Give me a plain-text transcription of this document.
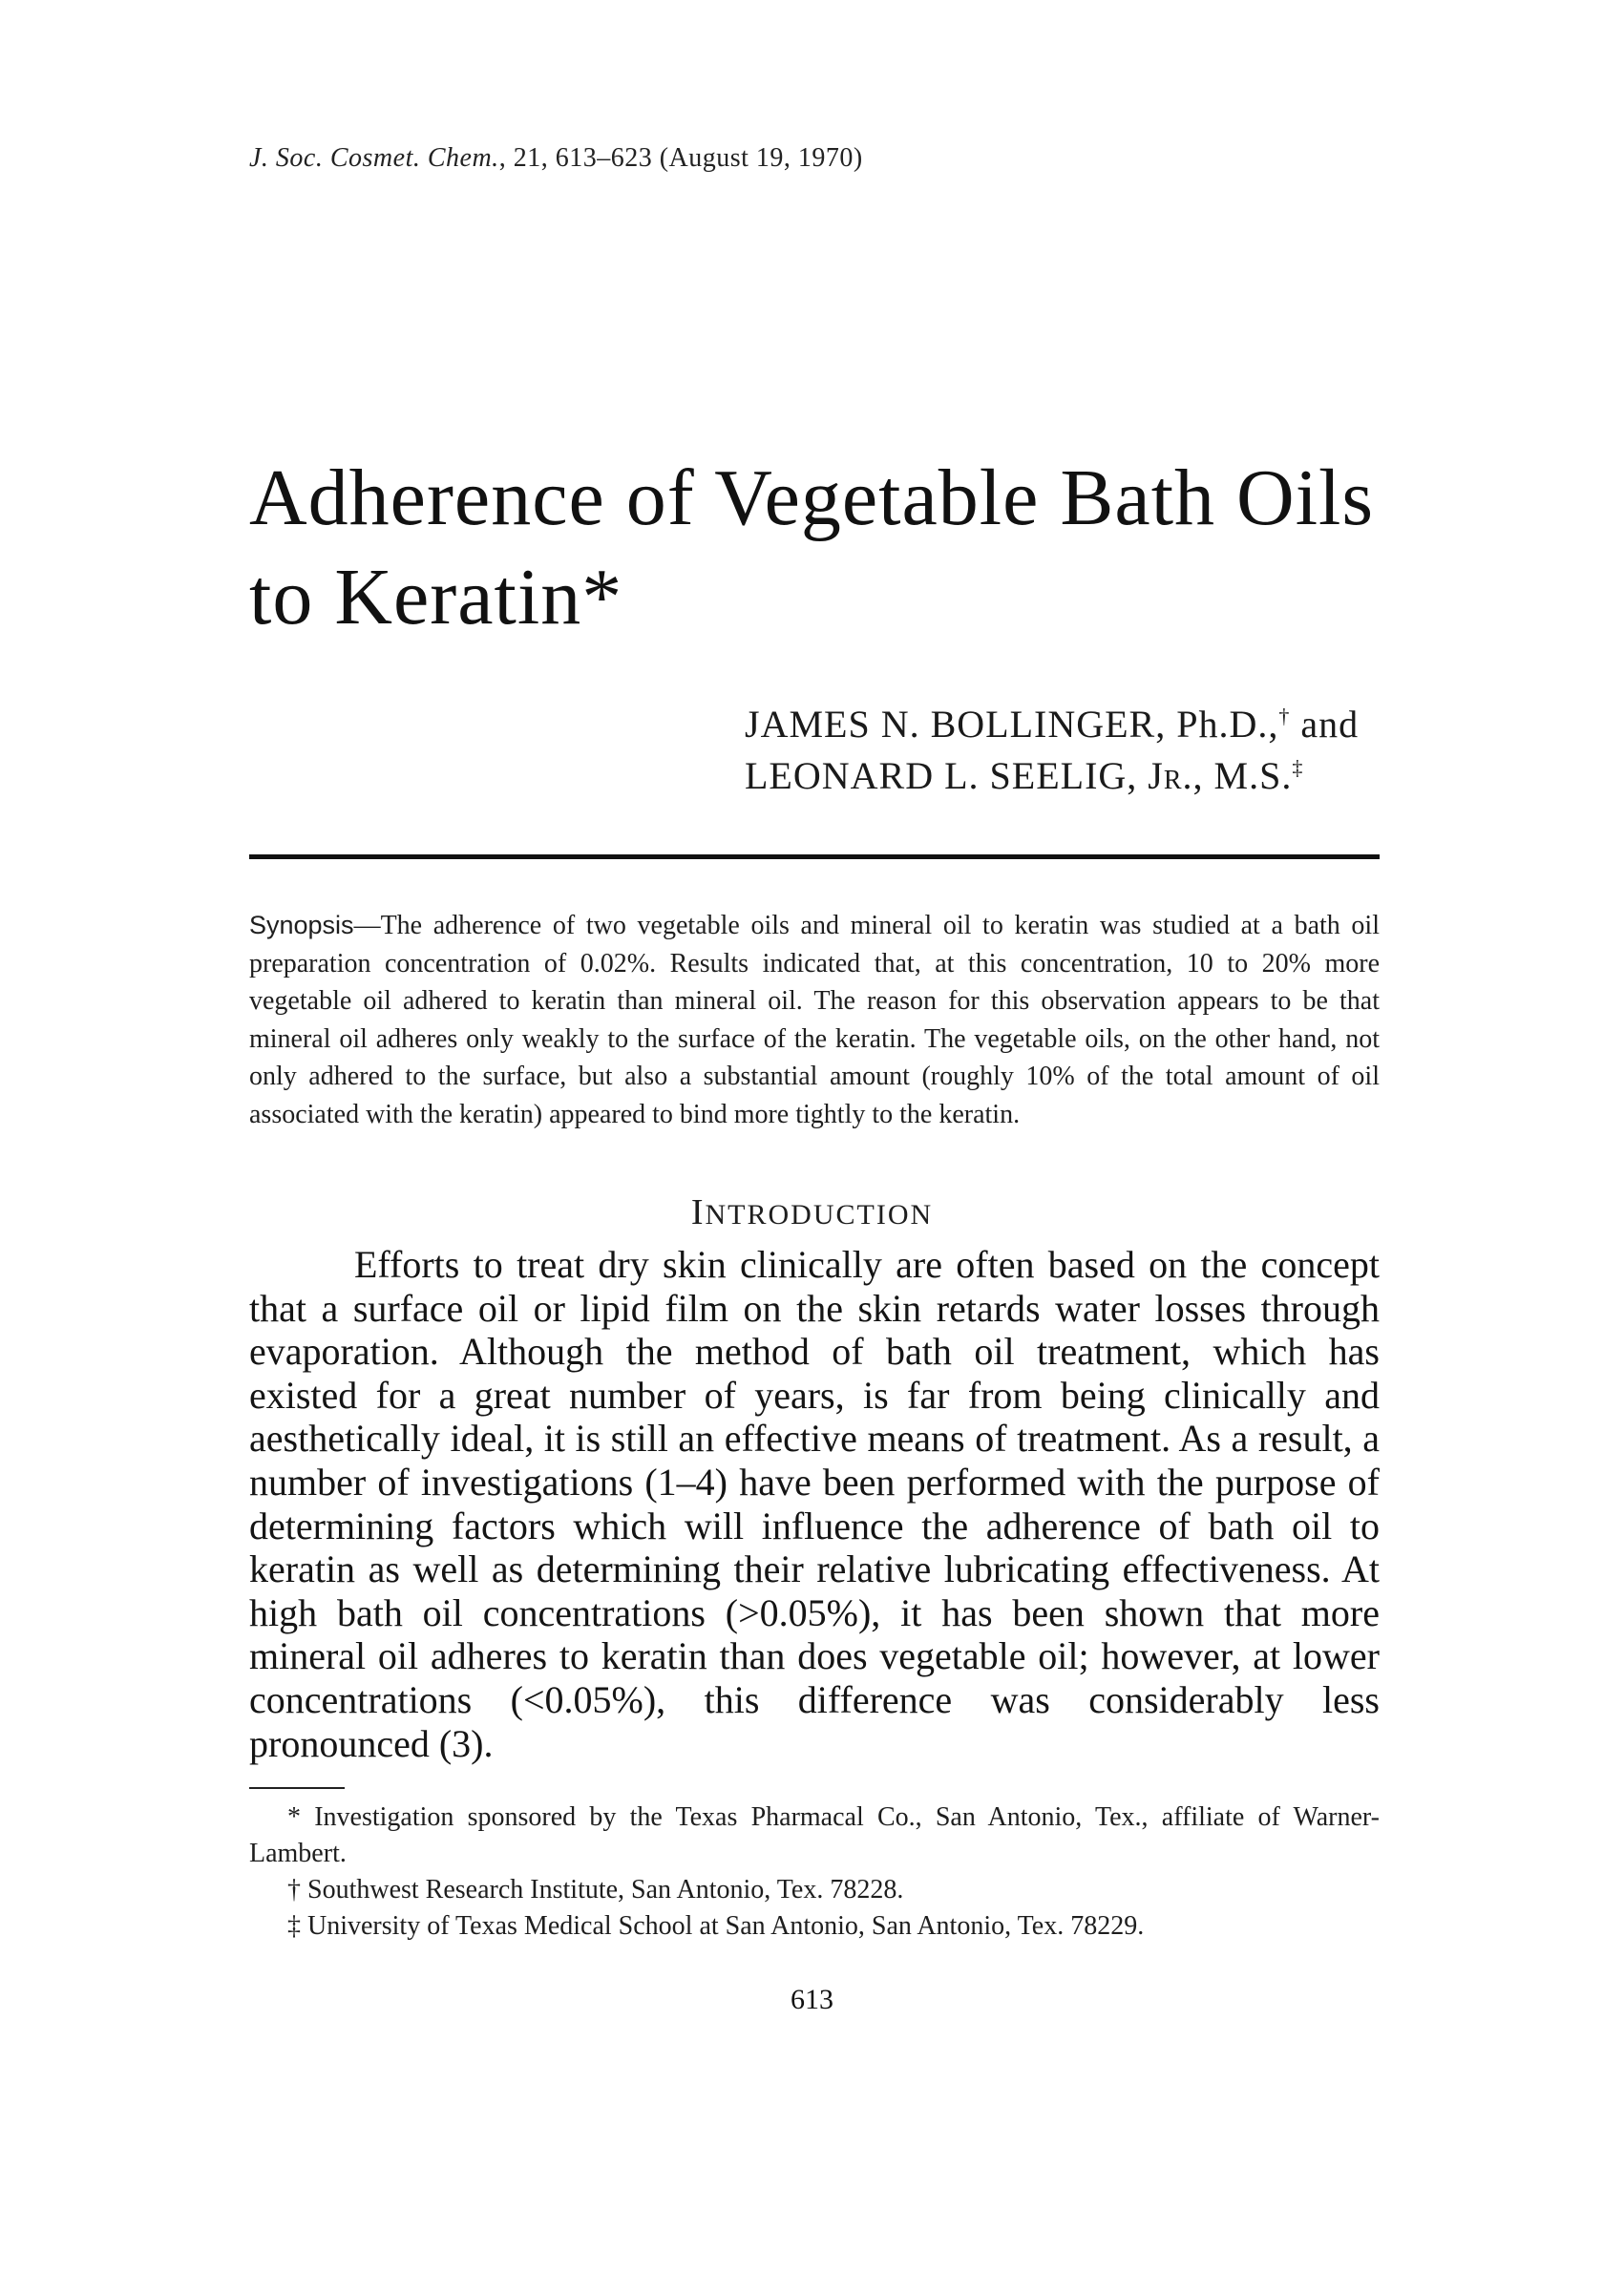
J. Soc. Cosmet. Chem., 21, 613–623 (August 19, 1970)
Adherence of Vegetable Bath Oils
to Keratin*
JAMES N. BOLLINGER, Ph.D.,† and
LEONARD L. SEELIG, JR., M.S.‡

Synopsis—The adherence of two vegetable oils and mineral oil to keratin was studied at a bath oil preparation concentration of 0.02%. Results indicated that, at this concentration, 10 to 20% more vegetable oil adhered to keratin than mineral oil. The reason for this observation appears to be that mineral oil adheres only weakly to the surface of the keratin. The vegetable oils, on the other hand, not only adhered to the surface, but also a substantial amount (roughly 10% of the total amount of oil associated with the keratin) appeared to bind more tightly to the keratin.

INTRODUCTION

Efforts to treat dry skin clinically are often based on the concept that a surface oil or lipid film on the skin retards water losses through evaporation. Although the method of bath oil treatment, which has existed for a great number of years, is far from being clinically and aesthetically ideal, it is still an effective means of treatment. As a result, a number of investigations (1–4) have been performed with the purpose of determining factors which will influence the adherence of bath oil to keratin as well as determining their relative lubricating effectiveness. At high bath oil concentrations (>0.05%), it has been shown that more mineral oil adheres to keratin than does vegetable oil; however, at lower concentrations (<0.05%), this difference was considerably less pronounced (3).

* Investigation sponsored by the Texas Pharmacal Co., San Antonio, Tex., affiliate of Warner-Lambert.

† Southwest Research Institute, San Antonio, Tex. 78228.

‡ University of Texas Medical School at San Antonio, San Antonio, Tex. 78229.

613
